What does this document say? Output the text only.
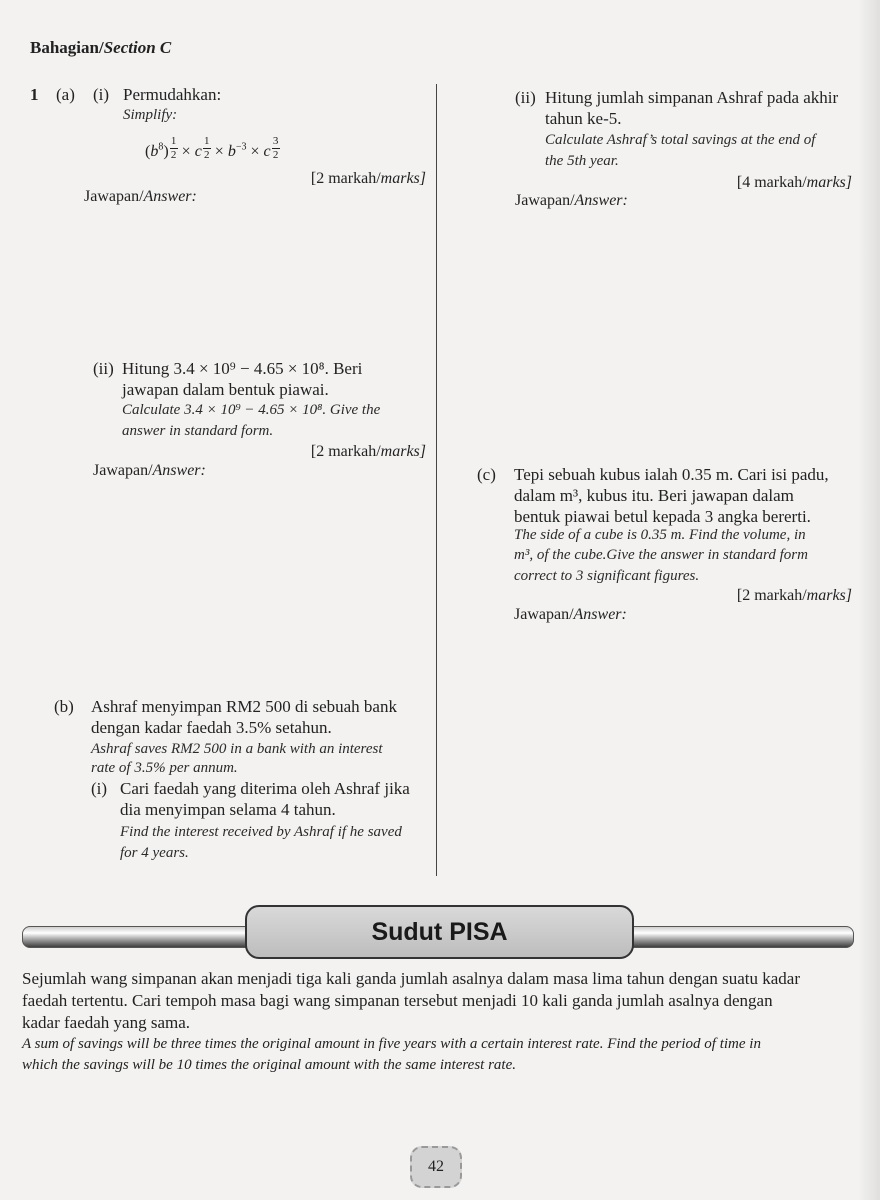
Bahagian/Section C
1 (a) (i) Permudahkan:
Simplify:
$(b^8) \frac{1}{2} \times c \frac{1}{2} \times b^{-3} \times c \frac{3}{2}$
[2 markah/marks]
Jawapan/Answer:
(ii) Hitung 3.4 × 10⁹ − 4.65 × 10⁸. Beri
jawapan dalam bentuk piawai.
Calculate 3.4 × 10⁹ − 4.65 × 10⁸. Give the
answer in standard form.
[2 markah/marks]
Jawapan/Answer:
(b) Ashraf menyimpan RM2 500 di sebuah bank
dengan kadar faedah 3.5% setahun.
Ashraf saves RM2 500 in a bank with an interest
rate of 3.5% per annum.
(i) Cari faedah yang diterima oleh Ashraf jika
dia menyimpan selama 4 tahun.
Find the interest received by Ashraf if he saved
for 4 years.
(ii) Hitung jumlah simpanan Ashraf pada akhir
tahun ke-5.
Calculate Ashraf’s total savings at the end of
the 5th year.
[4 markah/marks]
Jawapan/Answer:
(c) Tepi sebuah kubus ialah 0.35 m. Cari isi padu,
dalam m³, kubus itu. Beri jawapan dalam
bentuk piawai betul kepada 3 angka bererti.
The side of a cube is 0.35 m. Find the volume, in
m³, of the cube.Give the answer in standard form
correct to 3 significant figures.
[2 markah/marks]
Jawapan/Answer:
Sudut PISA
Sejumlah wang simpanan akan menjadi tiga kali ganda jumlah asalnya dalam masa lima tahun dengan suatu kadar
faedah tertentu. Cari tempoh masa bagi wang simpanan tersebut menjadi 10 kali ganda jumlah asalnya dengan
kadar faedah yang sama.
A sum of savings will be three times the original amount in five years with a certain interest rate. Find the period of time in
which the savings will be 10 times the original amount with the same interest rate.
42
